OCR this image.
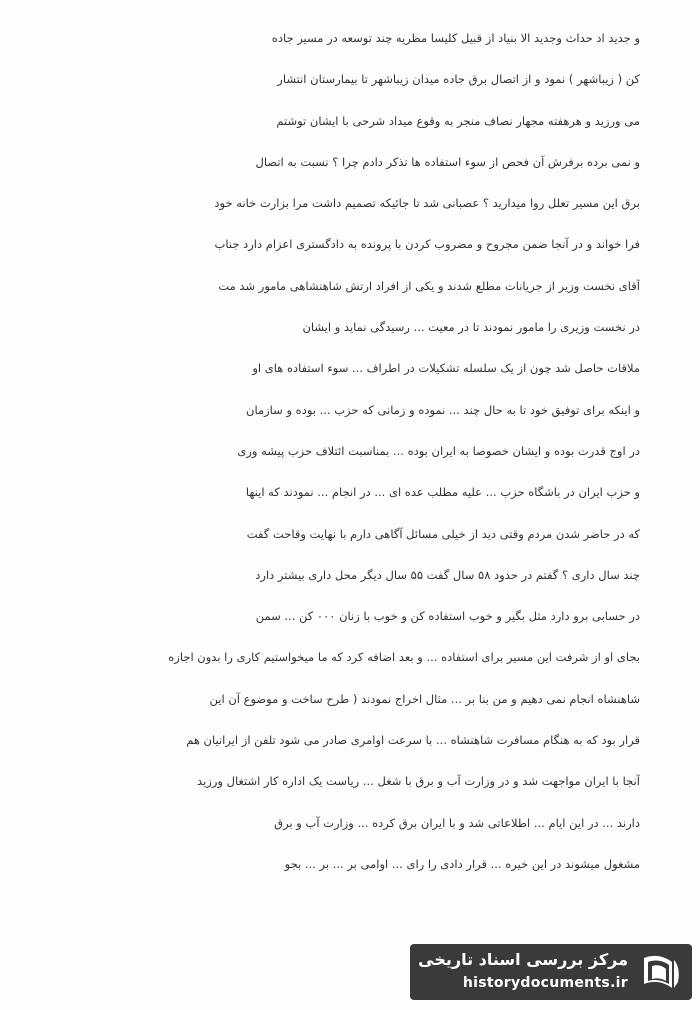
و جدید اد حداث وجدید الا بنیاد از قبیل کلیسا مظریه چند توسعه در مسیر جاده
کن ( زیباشهر ) نمود و از اتصال برق جاده میدان زیباشهر تا بیمارستان انتشار
می ورزید و هرهفته مجهار نصاف منجر به وقوع میداد شرحی با ایشان توشتم
و نمی برده برفرش آن فحص از سوء استفاده ها تذکر دادم چرا ؟ نسبت به اتصال
برق این مسیر تعلل روا میدارید ؟ عصبانی شد تا جائیکه تصمیم داشت مرا بزارت خانه خود
فرا خواند و در آنجا ضمن مجروح و مضروب کردن با پرونده به دادگستری اعزام دارد جناب
آقای نخست وزیر از جریانات مطلع شدند و یکی از افراد ارتش شاهنشاهی مامور شد مت
در نخست وزیری را مامور نمودند تا در معیت ... رسیدگی نماید و ایشان
ملاقات حاصل شد چون از یک سلسله تشکیلات در اطراف ... سوء استفاده های او
و اینکه برای توفیق خود تا به حال چند ... نموده و زمانی که حزب ... بوده و سازمان
در اوج قدرت بوده و ایشان خصوصا به ایران بوده ... بمناسبت ائتلاف حزب پیشه وری
و حزب ایران در باشگاه حزب ... علیه مطلب عده ای ... در انجام ... نمودند که اینها
که در حاضر شدن مردم وقتی دید از خیلی مسائل آگاهی دارم با نهایت وقاحت گفت
چند سال داری ؟ گفتم در حدود ۵۸ سال گفت ۵۵ سال دیگر محل داری بیشتر دارد
در حسابی برو دارد مثل بگیر و خوب استفاده کن و خوب با زنان ۰۰۰ کن ... سمن
بجای او از شرفت این مسیر برای استفاده ... و بعد اضافه کرد که ما میخواستیم کاری را بدون اجازه
شاهنشاه انجام نمی دهیم و من بنا بر ... مثال اخراج نمودند ( طرح ساخت و موضوع آن این
قرار بود که به هنگام مسافرت شاهنشاه ... با سرعت اوامری صادر می شود تلفن از ایرانیان هم
آنجا با ایران مواجهت شد و در وزارت آب و برق با شغل ... ریاست یک اداره کار اشتغال ورزید
دارند ... در این ایام ... اطلاعاتی شد و با ایران برق کرده ... وزارت آب و برق
مشغول میشوند در این خیره ... قرار دادی را رای ... اوامی بر ... بر ... بجو
مرکز بررسی اسناد تاریخی
historydocuments.ir
